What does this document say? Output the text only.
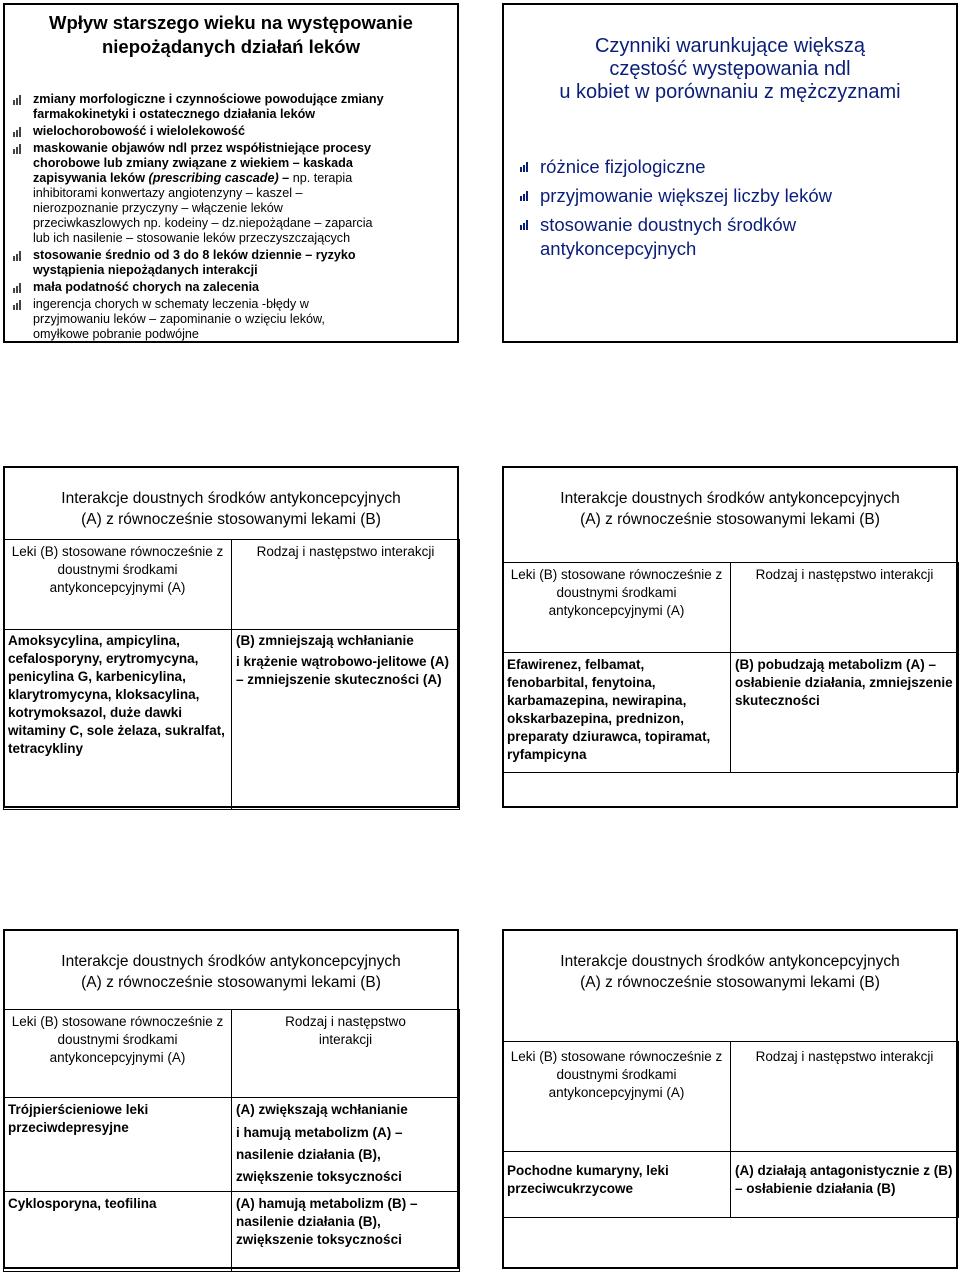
Wpływ starszego wieku na występowanie
niepożądanych działań leków
zmiany morfologiczne i czynnościowe powodujące zmiany
farmakokinetyki i ostatecznego działania leków
wielochorobowość i wielolekowość
maskowanie objawów ndl przez współistniejące procesy
chorobowe lub zmiany związane z wiekiem – kaskada
zapisywania leków (prescribing cascade) – np. terapia
inhibitorami konwertazy angiotenzyny – kaszel –
nierozpoznanie przyczyny – włączenie leków
przeciwkaszlowych np. kodeiny – dz.niepożądane – zaparcia
lub ich nasilenie – stosowanie leków przeczyszczających
stosowanie średnio od 3 do 8 leków dziennie – ryzyko
wystąpienia niepożądanych interakcji
mała podatność chorych na zalecenia
ingerencja chorych w schematy leczenia -błędy w
przyjmowaniu leków – zapominanie o wzięciu leków,
omyłkowe pobranie podwójne
Czynniki warunkujące większą
częstość występowania ndl
u kobiet w porównaniu z mężczyznami
różnice fizjologiczne
przyjmowanie większej liczby leków
stosowanie doustnych środków
antykoncepcyjnych
Interakcje doustnych środków antykoncepcyjnych
(A) z równocześnie stosowanymi lekami (B)
Leki (B) stosowane równocześnie z doustnymi środkami antykoncepcyjnymi (A)	Rodzaj i następstwo interakcji
Amoksycylina, ampicylina, cefalosporyny, erytromycyna, penicylina G, karbenicylina, klarytromycyna, kloksacylina, kotrymoksazol, duże dawki witaminy C, sole żelaza, sukralfat, tetracykliny	(B) zmniejszają wchłanianie
i krążenie wątrobowo-jelitowe (A) – zmniejszenie skuteczności (A)
Interakcje doustnych środków antykoncepcyjnych
(A) z równocześnie stosowanymi lekami (B)
Leki (B) stosowane równocześnie z doustnymi środkami antykoncepcyjnymi (A)	Rodzaj i następstwo interakcji
Efawirenez, felbamat, fenobarbital, fenytoina, karbamazepina, newirapina, okskarbazepina, prednizon, preparaty dziurawca, topiramat, ryfampicyna	(B) pobudzają metabolizm (A) – osłabienie działania, zmniejszenie skuteczności
Interakcje doustnych środków antykoncepcyjnych
(A) z równocześnie stosowanymi lekami (B)
Leki (B) stosowane równocześnie z doustnymi środkami antykoncepcyjnymi (A)	Rodzaj i następstwo interakcji
Trójpierścieniowe leki przeciwdepresyjne	(A) zwiększają wchłanianie
i hamują metabolizm (A) – nasilenie działania (B), zwiększenie toksyczności

Cyklosporyna, teofilina	(A) hamują metabolizm (B) – nasilenie działania (B), zwiększenie toksyczności
Interakcje doustnych środków antykoncepcyjnych
(A) z równocześnie stosowanymi lekami (B)
Leki (B) stosowane równocześnie z doustnymi środkami antykoncepcyjnymi (A)	Rodzaj i następstwo interakcji
Pochodne kumaryny, leki przeciwcukrzycowe	(A) działają antagonistycznie z (B) – osłabienie działania (B)
